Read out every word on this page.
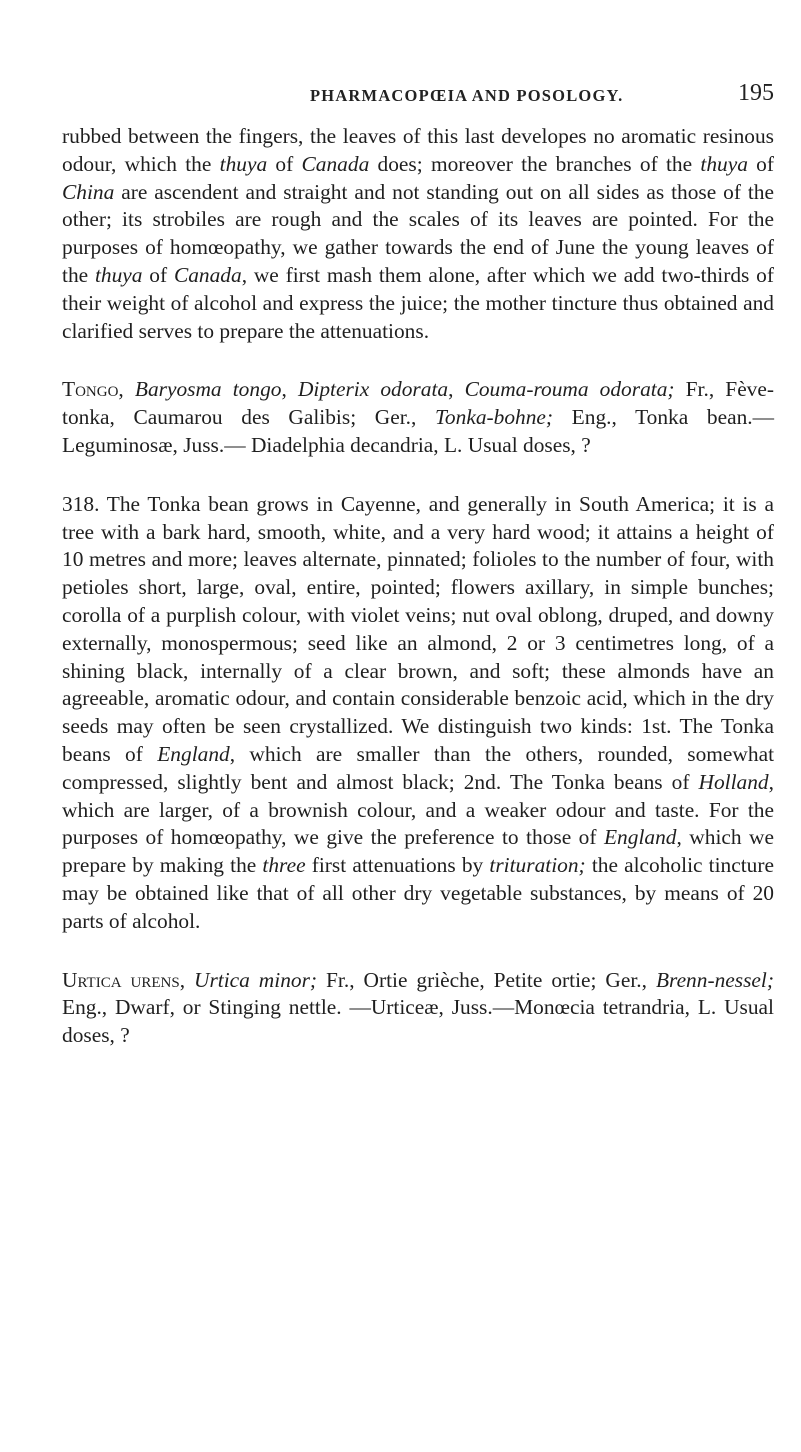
PHARMACOPŒIA AND POSOLOGY.	195

rubbed between the fingers, the leaves of this last developes no aromatic resinous odour, which the thuya of Canada does; moreover the branches of the thuya of China are ascendent and straight and not standing out on all sides as those of the other; its strobiles are rough and the scales of its leaves are pointed. For the purposes of homœopathy, we gather towards the end of June the young leaves of the thuya of Canada, we first mash them alone, after which we add two-thirds of their weight of alcohol and express the juice; the mother tincture thus obtained and clarified serves to prepare the attenuations.

Tongo, Baryosma tongo, Dipterix odorata, Couma-rouma odorata; Fr., Fève-tonka, Caumarou des Galibis; Ger., Tonka-bohne; Eng., Tonka bean.—Leguminosæ, Juss.— Diadelphia decandria, L. Usual doses, ?

318. The Tonka bean grows in Cayenne, and generally in South America; it is a tree with a bark hard, smooth, white, and a very hard wood; it attains a height of 10 metres and more; leaves alternate, pinnated; folioles to the number of four, with petioles short, large, oval, entire, pointed; flowers axillary, in simple bunches; corolla of a purplish colour, with violet veins; nut oval oblong, druped, and downy externally, monospermous; seed like an almond, 2 or 3 centimetres long, of a shining black, internally of a clear brown, and soft; these almonds have an agreeable, aromatic odour, and contain considerable benzoic acid, which in the dry seeds may often be seen crystallized. We distinguish two kinds: 1st. The Tonka beans of England, which are smaller than the others, rounded, somewhat compressed, slightly bent and almost black; 2nd. The Tonka beans of Holland, which are larger, of a brownish colour, and a weaker odour and taste. For the purposes of homœopathy, we give the preference to those of England, which we prepare by making the three first attenuations by trituration; the alcoholic tincture may be obtained like that of all other dry vegetable substances, by means of 20 parts of alcohol.

Urtica urens, Urtica minor; Fr., Ortie grièche, Petite ortie; Ger., Brenn-nessel; Eng., Dwarf, or Stinging nettle. —Urticeæ, Juss.—Monœcia tetrandria, L. Usual doses, ?
